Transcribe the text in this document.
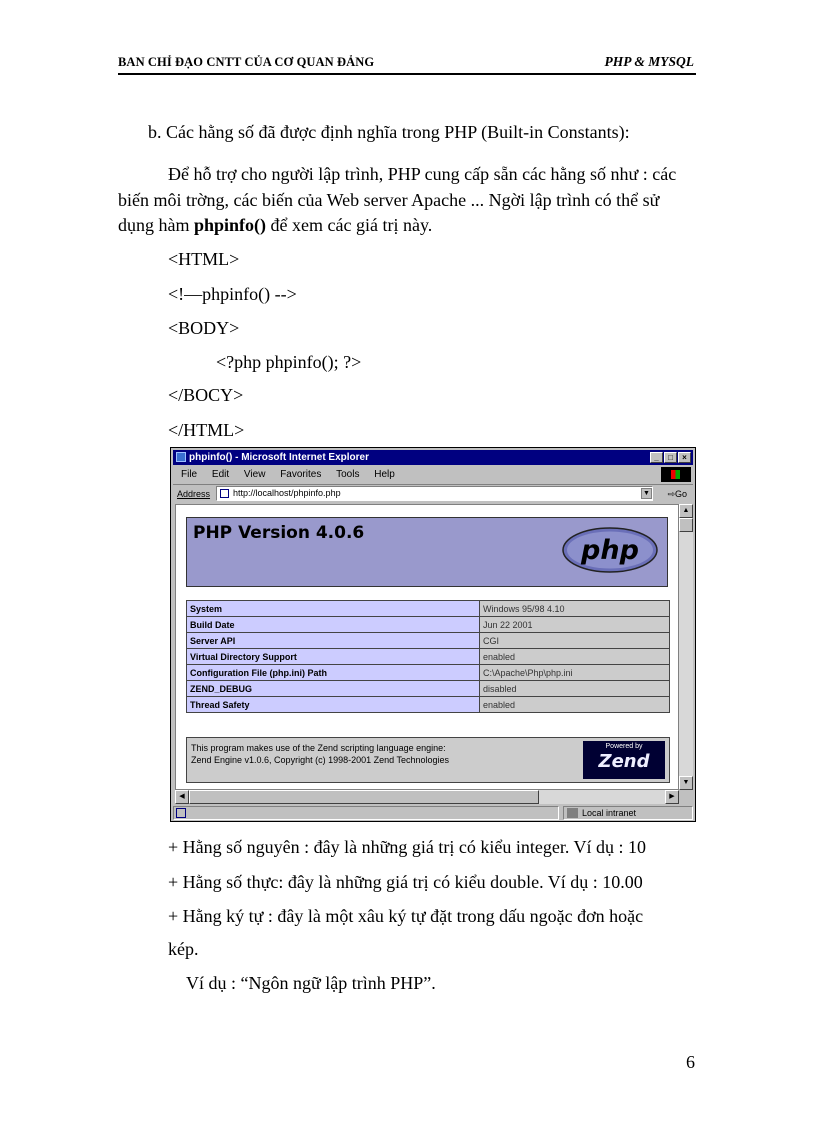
BAN CHỈ ĐẠO CNTT CỦA CƠ QUAN ĐẢNG	PHP & MYSQL
b. Các hằng số đã được định nghĩa trong PHP (Built-in Constants):
Để hỗ trợ cho người lập trình, PHP cung cấp sẵn các hằng số như : các
biến môi trờng, các biến của Web server Apache ... Ngời lập trình có thể sử
dụng hàm phpinfo() để xem các giá trị này.
<HTML>
<!—phpinfo() -->
<BODY>
<?php phpinfo(); ?>
</BOCY>
</HTML>
phpinfo() - Microsoft Internet Explorer	_	□	×
File Edit View Favorites Tools Help
Address	http://localhost/phpinfo.php	▼ ⇨Go
PHP Version 4.0.6
php
System	Windows 95/98 4.10
Build Date	Jun 22 2001
Server API	CGI
Virtual Directory Support	enabled
Configuration File (php.ini) Path	C:\Apache\Php\php.ini
ZEND_DEBUG	disabled
Thread Safety	enabled
This program makes use of the Zend scripting language engine:
Zend Engine v1.0.6, Copyright (c) 1998-2001 Zend Technologies
Powered by
Zend
▲
▼
◀	▶
Local intranet
+ Hằng số nguyên : đây là những giá trị có kiểu integer. Ví dụ : 10
+ Hằng số thực: đây là những giá trị có kiểu double. Ví dụ : 10.00
+ Hằng ký tự : đây là một xâu ký tự đặt trong dấu ngoặc đơn hoặc
kép.
Ví dụ : “Ngôn ngữ lập trình PHP”.
6
